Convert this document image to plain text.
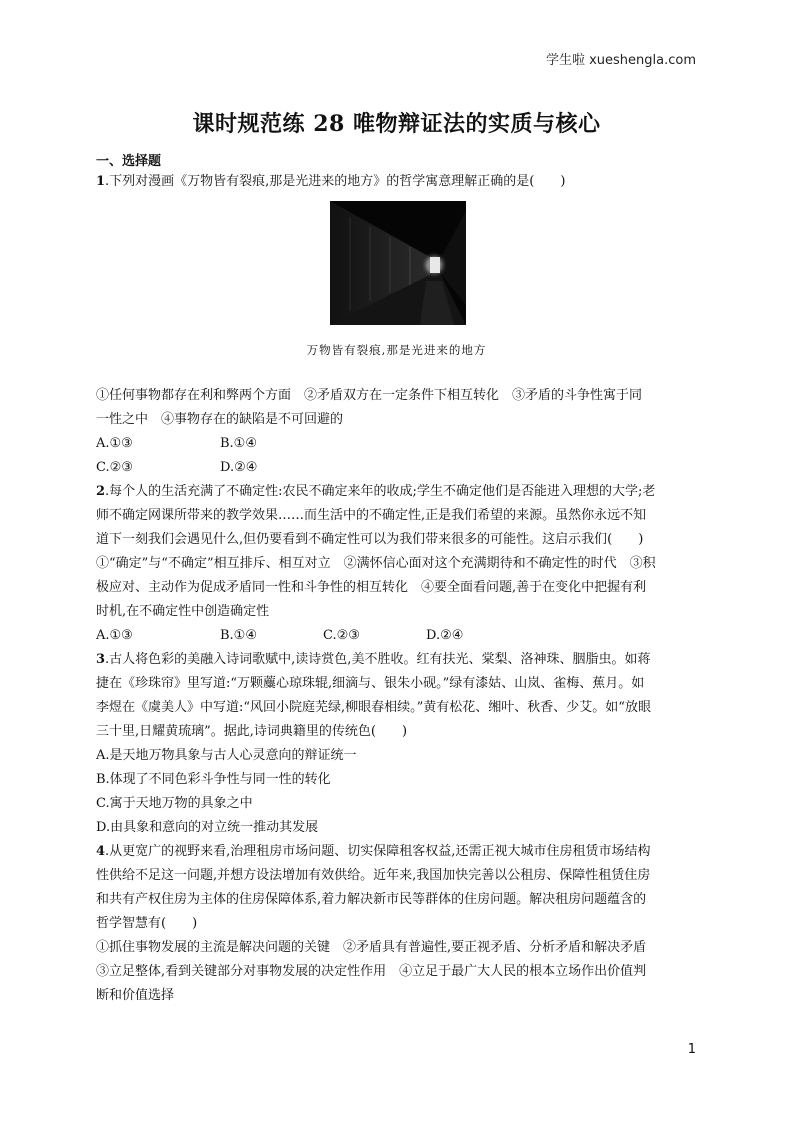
学生啦 xueshengla.com
课时规范练 28 唯物辩证法的实质与核心
一、选择题
1.下列对漫画《万物皆有裂痕,那是光进来的地方》的哲学寓意理解正确的是(　　)
万物皆有裂痕,那是光进来的地方
①任何事物都存在利和弊两个方面　②矛盾双方在一定条件下相互转化　③矛盾的斗争性寓于同
一性之中　④事物存在的缺陷是不可回避的
A.①③	B.①④
C.②③	D.②④
2.每个人的生活充满了不确定性:农民不确定来年的收成;学生不确定他们是否能进入理想的大学;老
师不确定网课所带来的教学效果……而生活中的不确定性,正是我们希望的来源。虽然你永远不知
道下一刻我们会遇见什么,但仍要看到不确定性可以为我们带来很多的可能性。这启示我们(　　)
①“确定”与“不确定”相互排斥、相互对立　②满怀信心面对这个充满期待和不确定性的时代　③积
极应对、主动作为促成矛盾同一性和斗争性的相互转化　④要全面看问题,善于在变化中把握有利
时机,在不确定性中创造确定性
A.①③	B.①④	C.②③	D.②④
3.古人将色彩的美融入诗词歌赋中,读诗赏色,美不胜收。红有扶光、棠梨、洛神珠、胭脂虫。如蒋
捷在《珍珠帘》里写道:“万颗蘪心琼珠辊,细滴与、银朱小砚。”绿有漆姑、山岚、雀梅、蕉月。如
李煜在《虞美人》中写道:“风回小院庭芜绿,柳眼春相续。”黄有松花、缃叶、秋香、少艾。如“放眼
三十里,日耀黄琉璃”。据此,诗词典籍里的传统色(　　)
A.是天地万物具象与古人心灵意向的辩证统一
B.体现了不同色彩斗争性与同一性的转化
C.寓于天地万物的具象之中
D.由具象和意向的对立统一推动其发展
4.从更宽广的视野来看,治理租房市场问题、切实保障租客权益,还需正视大城市住房租赁市场结构
性供给不足这一问题,并想方设法增加有效供给。近年来,我国加快完善以公租房、保障性租赁住房
和共有产权住房为主体的住房保障体系,着力解决新市民等群体的住房问题。解决租房问题蕴含的
哲学智慧有(　　)
①抓住事物发展的主流是解决问题的关键　②矛盾具有普遍性,要正视矛盾、分析矛盾和解决矛盾
③立足整体,看到关键部分对事物发展的决定性作用　④立足于最广大人民的根本立场作出价值判
断和价值选择
1
